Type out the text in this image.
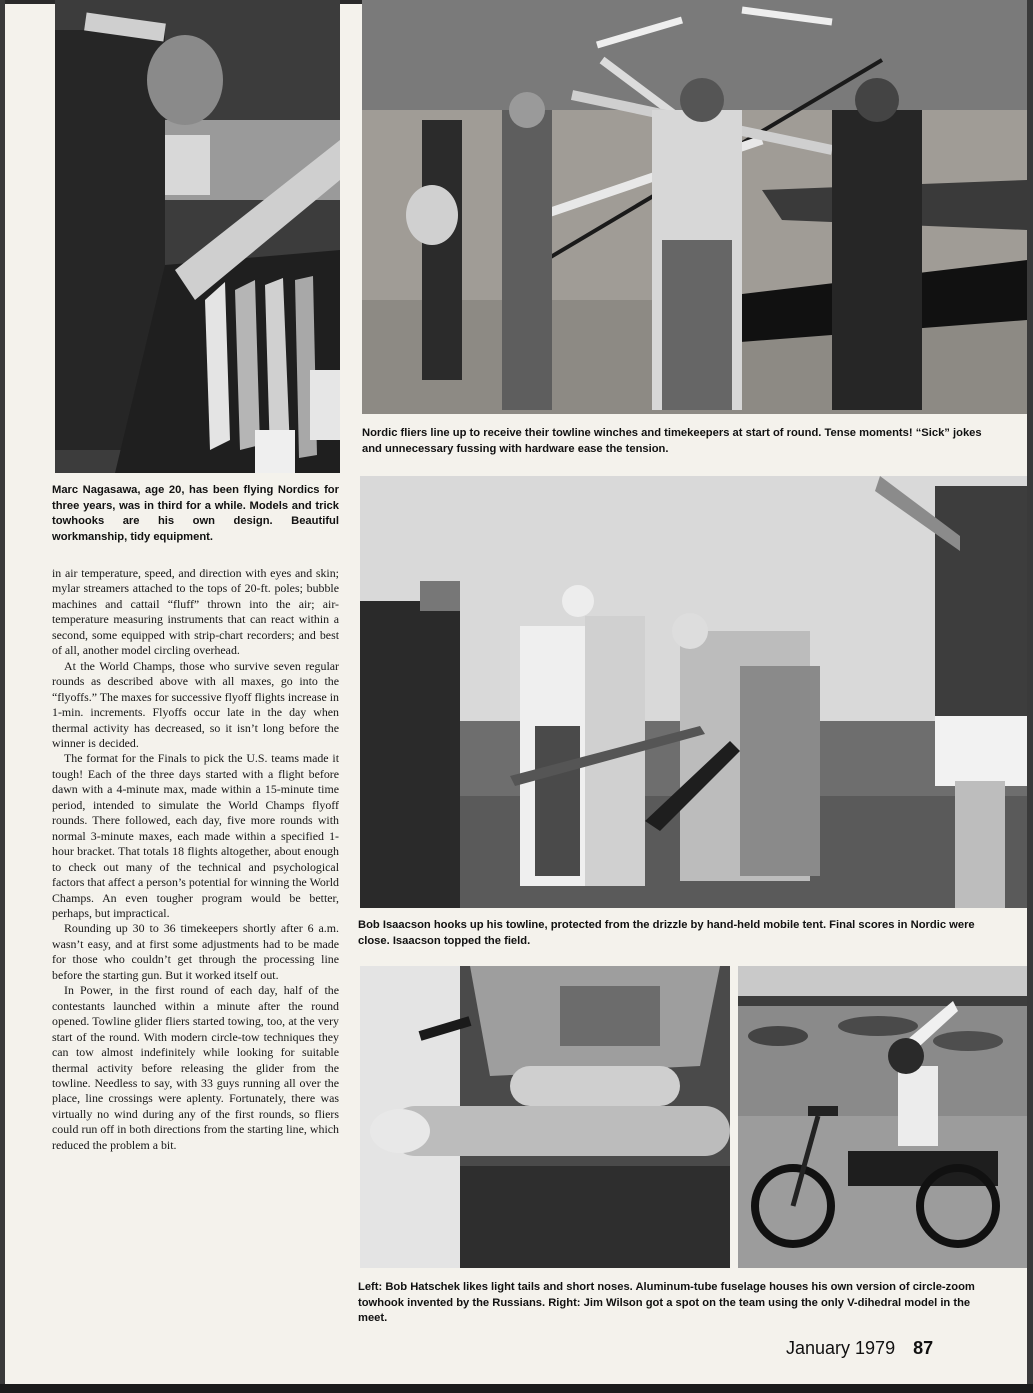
Nordic fliers line up to receive their towline winches and timekeepers at start of round. Tense moments! “Sick” jokes and unnecessary fussing with hardware ease the tension.

Marc Nagasawa, age 20, has been flying Nordics for three years, was in third for a while. Models and trick towhooks are his own design. Beautiful workmanship, tidy equipment.

in air temperature, speed, and direction with eyes and skin; mylar streamers attached to the tops of 20-ft. poles; bubble machines and cattail “fluff” thrown into the air; air-temperature measuring instruments that can react within a second, some equipped with strip-chart recorders; and best of all, another model circling overhead.

At the World Champs, those who survive seven regular rounds as described above with all maxes, go into the “flyoffs.” The maxes for successive flyoff flights increase in 1-min. increments. Flyoffs occur late in the day when thermal activity has decreased, so it isn’t long before the winner is decided.

The format for the Finals to pick the U.S. teams made it tough! Each of the three days started with a flight before dawn with a 4-minute max, made within a 15-minute time period, intended to simulate the World Champs flyoff rounds. There followed, each day, five more rounds with normal 3-minute maxes, each made within a specified 1-hour bracket. That totals 18 flights altogether, about enough to check out many of the technical and psychological factors that affect a person’s potential for winning the World Champs. An even tougher program would be better, perhaps, but impractical.

Rounding up 30 to 36 timekeepers shortly after 6 a.m. wasn’t easy, and at first some adjustments had to be made for those who couldn’t get through the processing line before the starting gun. But it worked itself out.

In Power, in the first round of each day, half of the contestants launched within a minute after the round opened. Towline glider fliers started towing, too, at the very start of the round. With modern circle-tow techniques they can tow almost indefinitely while looking for suitable thermal activity before releasing the glider from the towline. Needless to say, with 33 guys running all over the place, line crossings were aplenty. Fortunately, there was virtually no wind during any of the first rounds, so fliers could run off in both directions from the starting line, which reduced the problem a bit.

Bob Isaacson hooks up his towline, protected from the drizzle by hand-held mobile tent. Final scores in Nordic were close. Isaacson topped the field.

Left: Bob Hatschek likes light tails and short noses. Aluminum-tube fuselage houses his own version of circle-zoom towhook invented by the Russians. Right: Jim Wilson got a spot on the team using the only V-dihedral model in the meet.

January 1979 87
